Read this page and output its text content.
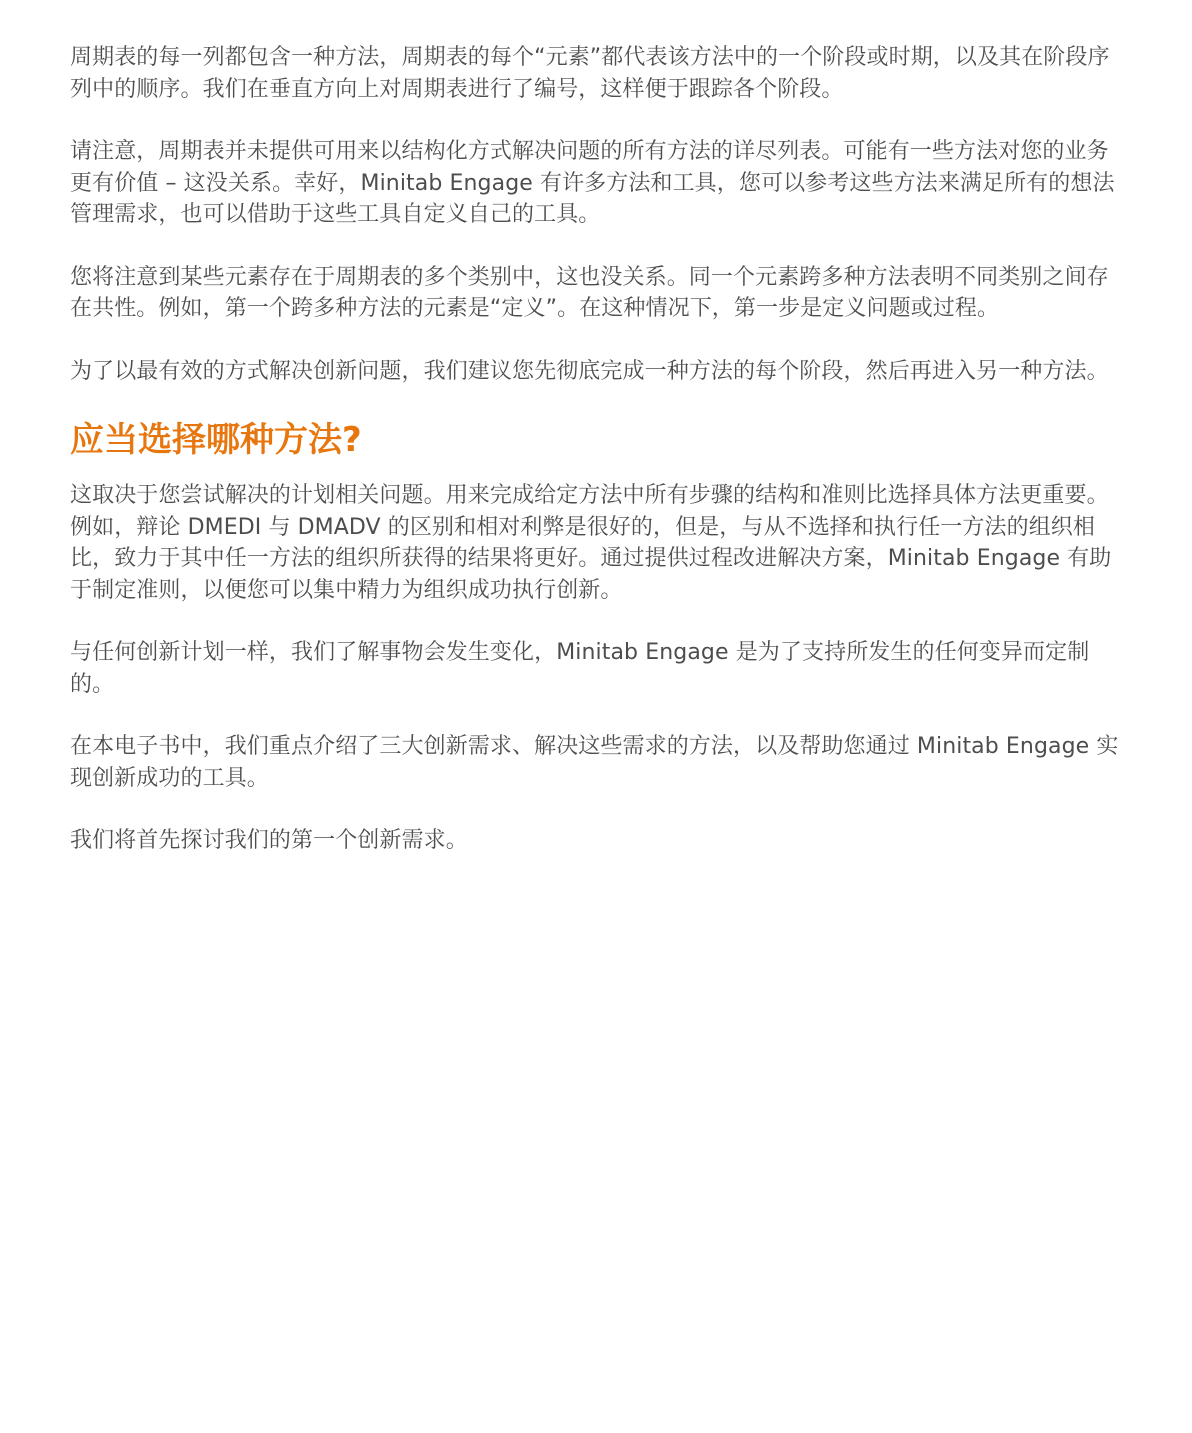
周期表的每一列都包含一种方法，周期表的每个“元素”都代表该方法中的一个阶段或时期，以及其在阶段序列中的顺序。我们在垂直方向上对周期表进行了编号，这样便于跟踪各个阶段。

请注意，周期表并未提供可用来以结构化方式解决问题的所有方法的详尽列表。可能有一些方法对您的业务更有价值 – 这没关系。幸好，Minitab Engage 有许多方法和工具，您可以参考这些方法来满足所有的想法管理需求，也可以借助于这些工具自定义自己的工具。

您将注意到某些元素存在于周期表的多个类别中，这也没关系。同一个元素跨多种方法表明不同类别之间存在共性。例如，第一个跨多种方法的元素是“定义”。在这种情况下，第一步是定义问题或过程。

为了以最有效的方式解决创新问题，我们建议您先彻底完成一种方法的每个阶段，然后再进入另一种方法。

应当选择哪种方法?

这取决于您尝试解决的计划相关问题。用来完成给定方法中所有步骤的结构和准则比选择具体方法更重要。例如，辩论 DMEDI 与 DMADV 的区别和相对利弊是很好的，但是，与从不选择和执行任一方法的组织相比，致力于其中任一方法的组织所获得的结果将更好。通过提供过程改进解决方案，Minitab Engage 有助于制定准则，以便您可以集中精力为组织成功执行创新。

与任何创新计划一样，我们了解事物会发生变化，Minitab Engage 是为了支持所发生的任何变异而定制的。

在本电子书中，我们重点介绍了三大创新需求、解决这些需求的方法，以及帮助您通过 Minitab Engage 实现创新成功的工具。

我们将首先探讨我们的第一个创新需求。
